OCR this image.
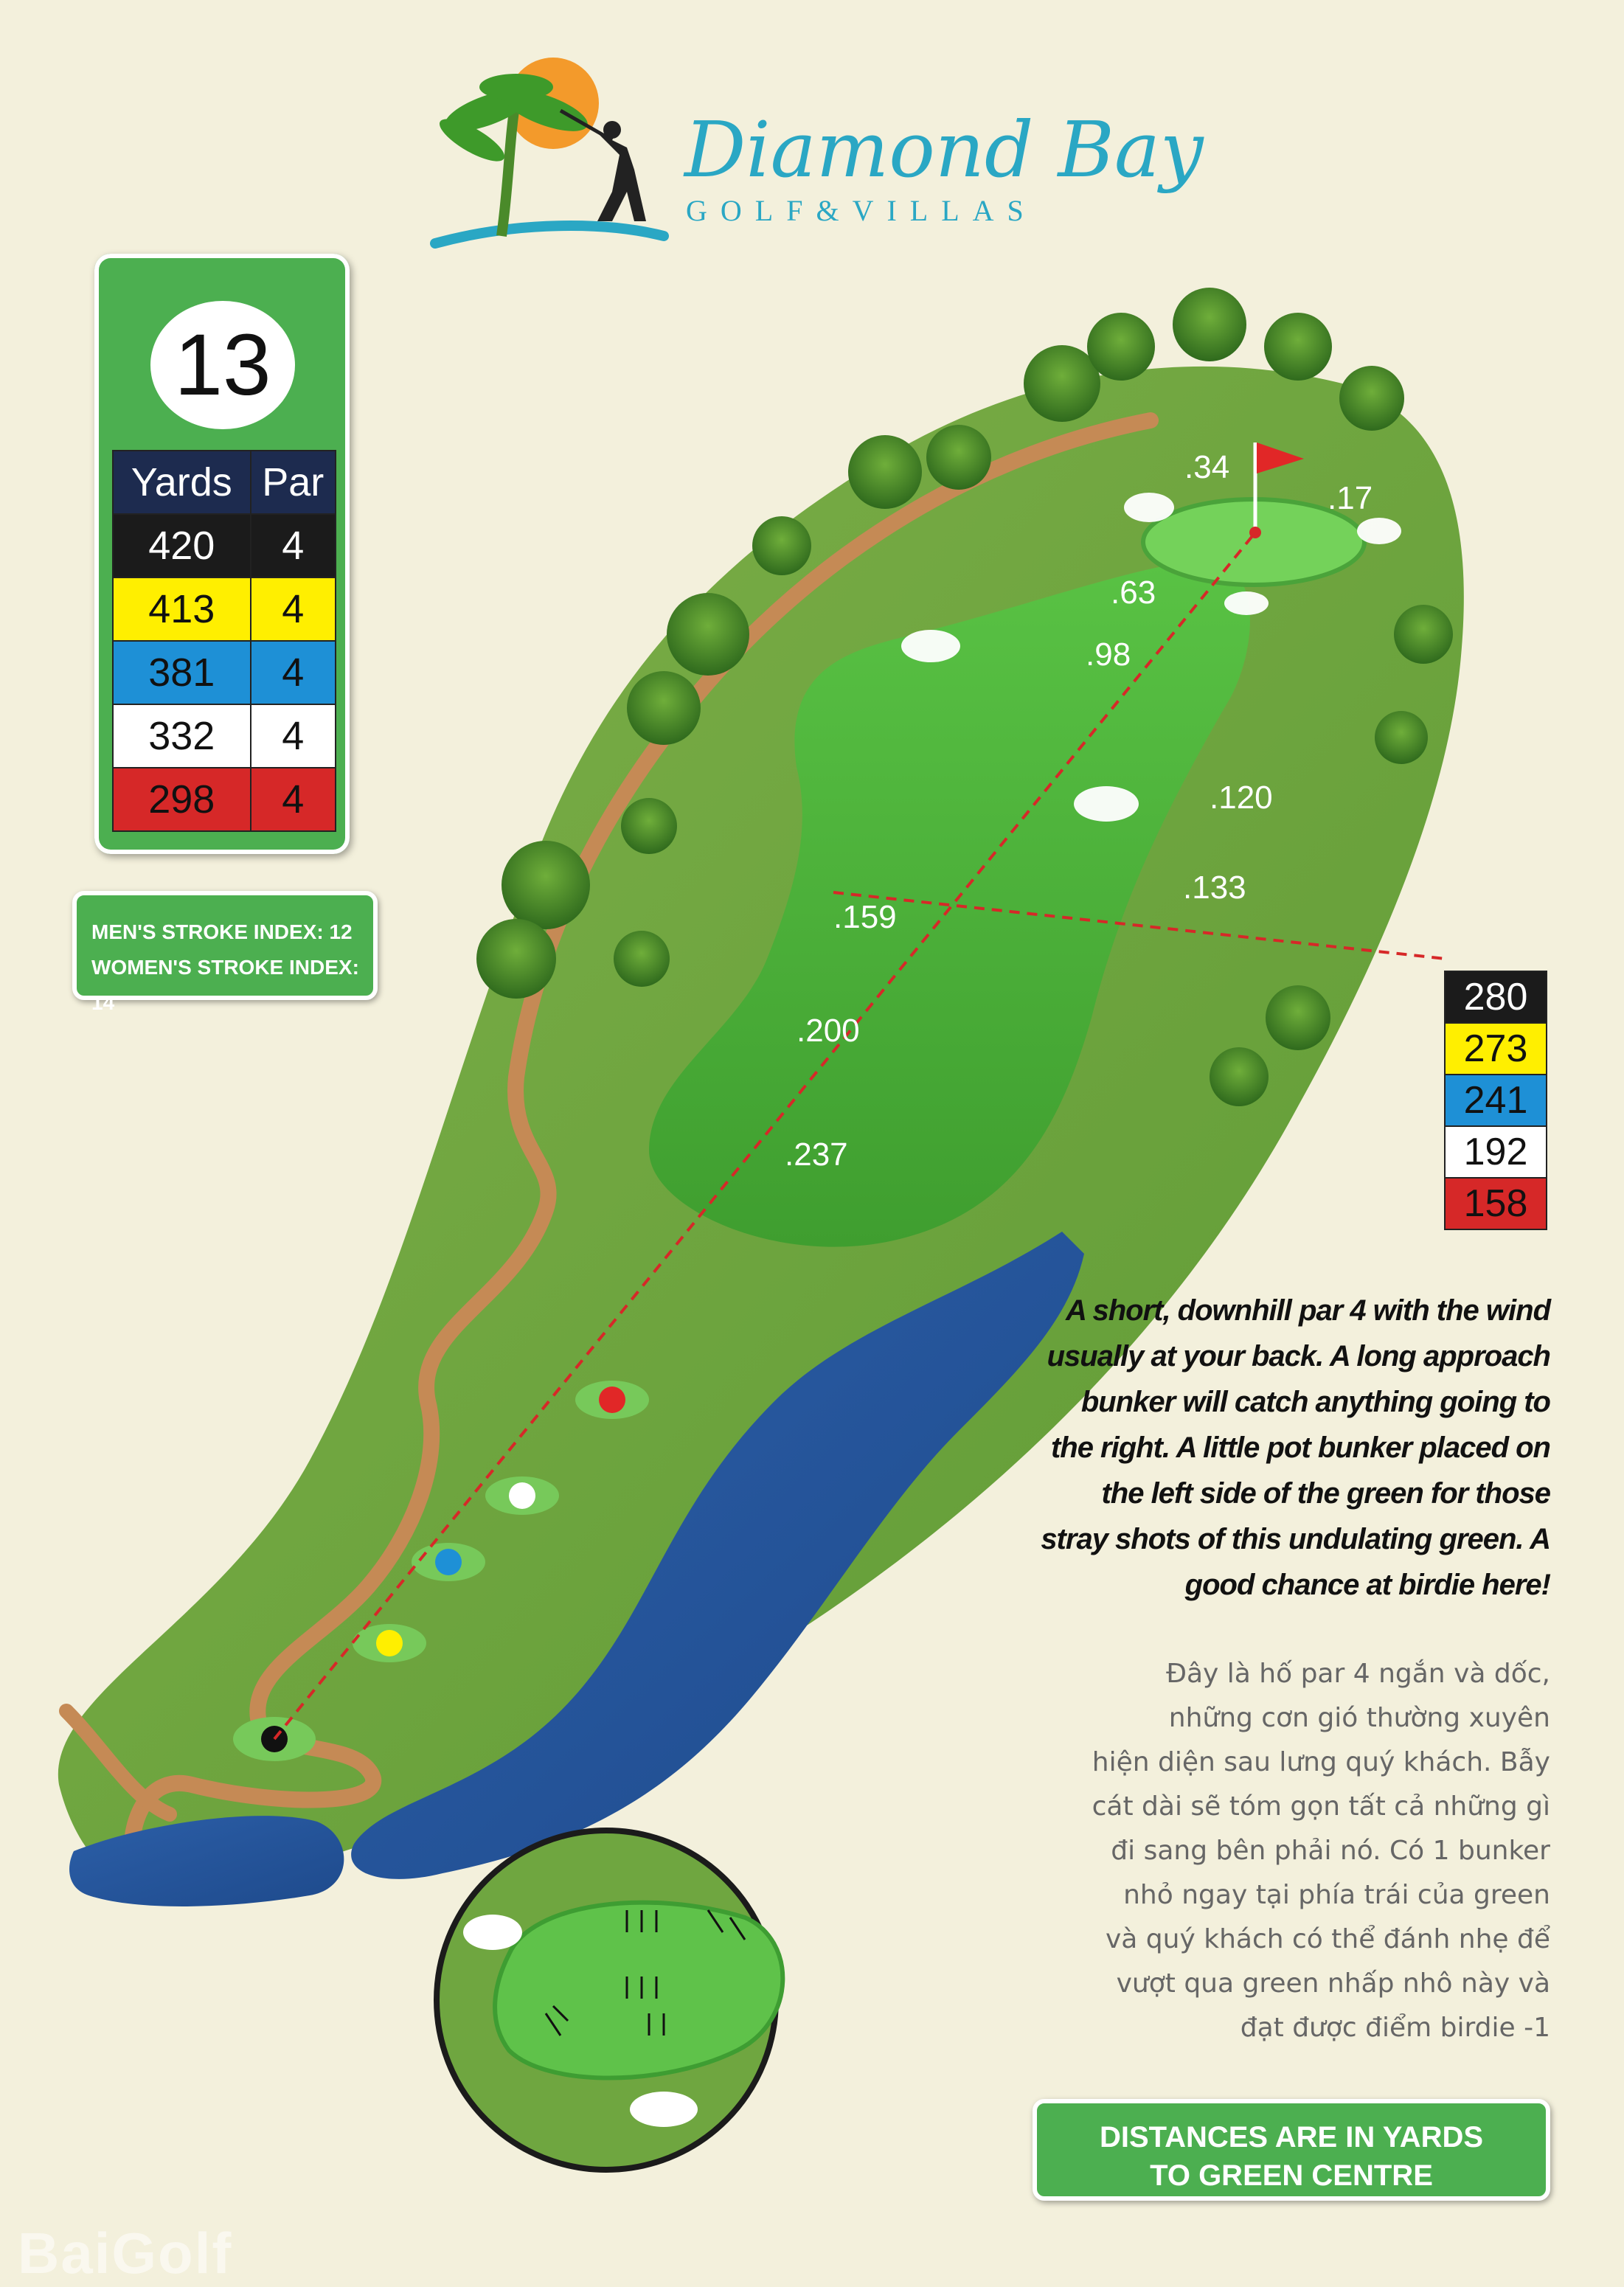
.34
.17
.63
.98
.120
.133
.159
.200
.237
Diamond Bay
GOLF&VILLAS
13
Yards	Par
420	4
413	4
381	4
332	4
298	4
MEN'S STROKE INDEX: 12
WOMEN'S STROKE INDEX: 14	280
273
241
192
158
A short, downhill par 4 with the wind
usually at your back. A long approach
bunker will catch anything going to
the right. A little pot bunker placed on
the left side of the green for those
stray shots of this undulating green. A
good chance at birdie here!
Đây là hố par 4 ngắn và dốc,
những cơn gió thường xuyên
hiện diện sau lưng quý khách. Bẫy
cát dài sẽ tóm gọn tất cả những gì
đi sang bên phải nó. Có 1 bunker
nhỏ ngay tại phía trái của green
và quý khách có thể đánh nhẹ để
vượt qua green nhấp nhô này và
đạt được điểm birdie -1
DISTANCES ARE IN YARDS
TO GREEN CENTRE
BaiGolf
